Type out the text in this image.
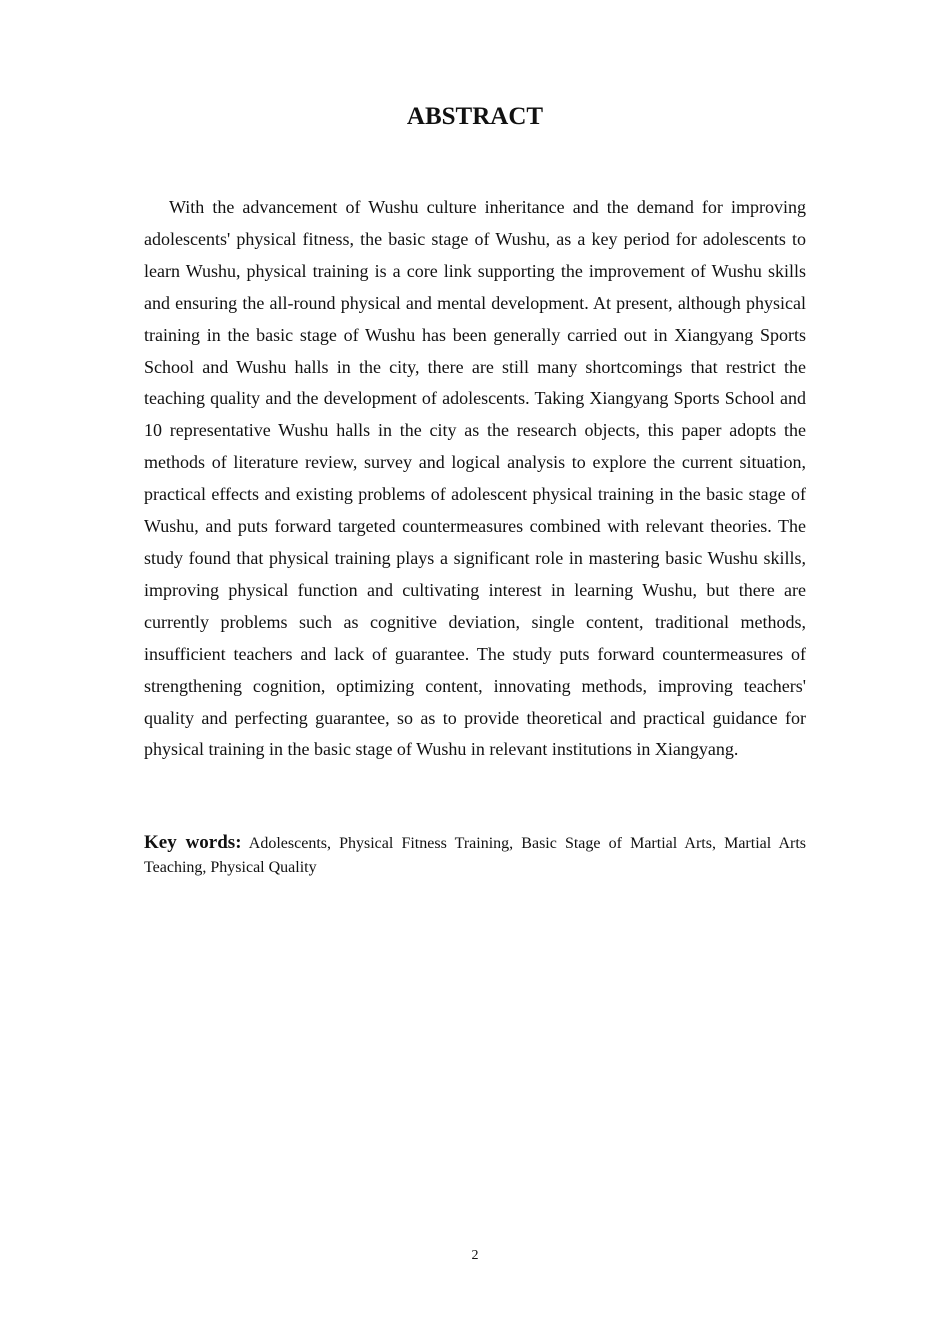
ABSTRACT

With the advancement of Wushu culture inheritance and the demand for improving adolescents' physical fitness, the basic stage of Wushu, as a key period for adolescents to learn Wushu, physical training is a core link supporting the improvement of Wushu skills and ensuring the all-round physical and mental development. At present, although physical training in the basic stage of Wushu has been generally carried out in Xiangyang Sports School and Wushu halls in the city, there are still many shortcomings that restrict the teaching quality and the development of adolescents. Taking Xiangyang Sports School and 10 representative Wushu halls in the city as the research objects, this paper adopts the methods of literature review, survey and logical analysis to explore the current situation, practical effects and existing problems of adolescent physical training in the basic stage of Wushu, and puts forward targeted countermeasures combined with relevant theories. The study found that physical training plays a significant role in mastering basic Wushu skills, improving physical function and cultivating interest in learning Wushu, but there are currently problems such as cognitive deviation, single content, traditional methods, insufficient teachers and lack of guarantee. The study puts forward countermeasures of strengthening cognition, optimizing content, innovating methods, improving teachers' quality and perfecting guarantee, so as to provide theoretical and practical guidance for physical training in the basic stage of Wushu in relevant institutions in Xiangyang.

Key words: Adolescents, Physical Fitness Training, Basic Stage of Martial Arts, Martial Arts Teaching, Physical Quality

2
